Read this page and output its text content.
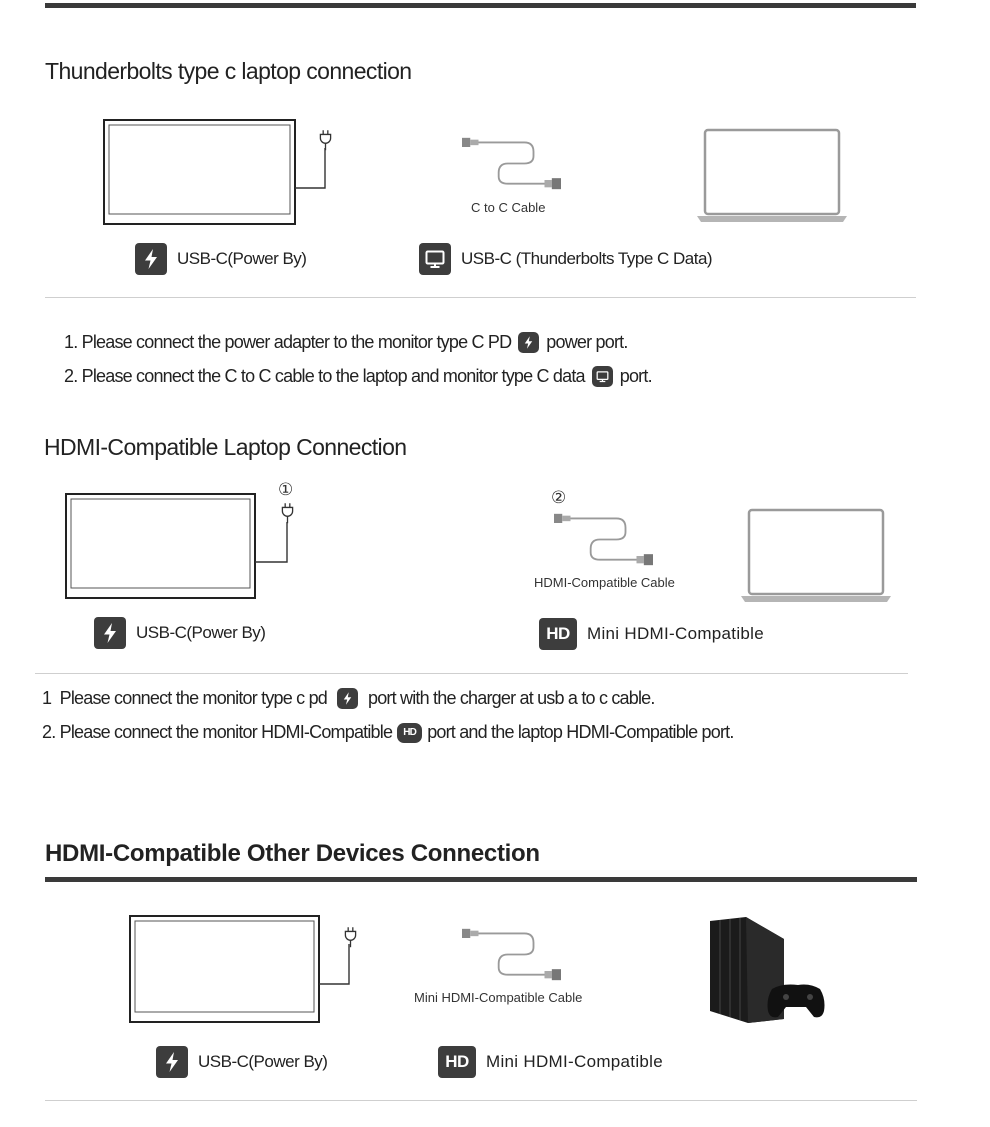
Thunderbolts type c laptop connection
C to C Cable
USB-C(Power By)	USB-C (Thunderbolts Type C Data)
1. Please connect the power adapter to the monitor type C PD power port.
2. Please connect the C to C cable to the laptop and monitor type C data port.
HDMI-Compatible Laptop Connection
①	②
HDMI-Compatible Cable
USB-C(Power By)	HD Mini HDMI-Compatible
1  Please connect the monitor type c pd port with the charger at usb a to c cable.
2. Please connect the monitor HDMI-Compatible HD port and the laptop HDMI-Compatible port.
HDMI-Compatible Other Devices Connection
Mini HDMI-Compatible Cable
USB-C(Power By)	HD Mini HDMI-Compatible
